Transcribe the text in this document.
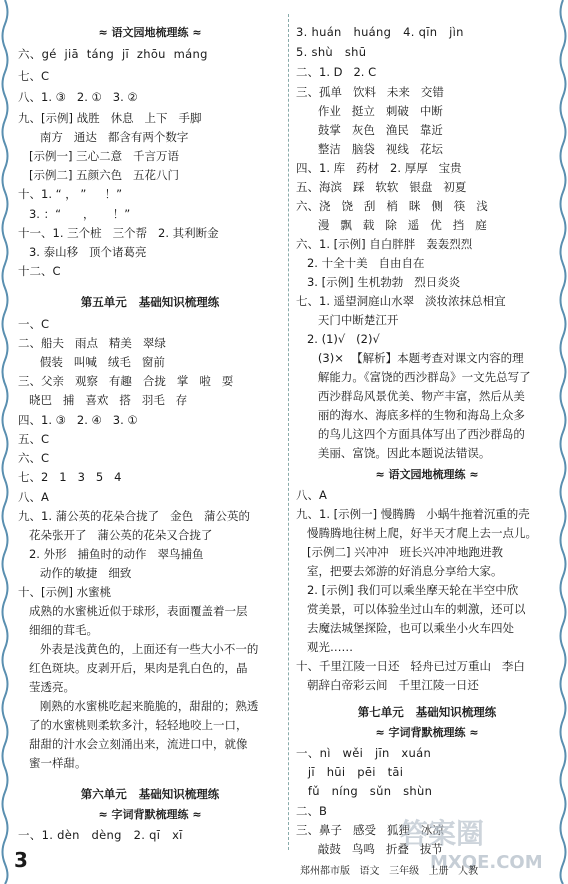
≈ 语文园地梳理练 ≈
六、gé  jiā  táng  jī  zhōu  máng
七、C
八、1. ③   2. ①   3. ②
九、[示例] 战胜   休息   上下   手脚
南方   通达   都含有两个数字
[示例一] 三心二意   千言万语
[示例二] 五颜六色   五花八门
十、1. “ ， ”     ！”
3. ：“      ，     ！”
十一、1. 三个桩   三个帮   2. 其利断金
3. 泰山移   顶个诸葛亮
十二、C
第五单元   基础知识梳理练
一、C
二、船夫   雨点   精美   翠绿
假装   叫喊   绒毛   窗前
三、父亲   观察   有趣   合拢   掌   啦   耍
晓巴   捕   喜欢   搭   羽毛   存
四、1. ③   2. ④   3. ①
五、C
六、C
七、2   1   3   5   4
八、A
九、1. 蒲公英的花朵合拢了   金色   蒲公英的
花朵张开了   蒲公英的花朵又合拢了
2. 外形   捕鱼时的动作   翠鸟捕鱼
动作的敏捷   细致
十、[示例] 水蜜桃
成熟的水蜜桃近似于球形，表面覆盖着一层
细细的茸毛。
外表是浅黄色的，上面还有一些大小不一的
红色斑块。皮剥开后，果肉是乳白色的，晶
莹透亮。
刚熟的水蜜桃吃起来脆脆的，甜甜的；熟透
了的水蜜桃则柔软多汁，轻轻地咬上一口，
甜甜的汁水会立刻涌出来，流进口中，就像
蜜一样甜。
第六单元   基础知识梳理练
≈ 字词背默梳理练 ≈
一、1. dèn   dèng   2. qī   xī
3. huán   huáng   4. qīn   jìn
5. shù   shū
二、1. D   2. C
三、孤单   饮料   未来   交错
作业   挺立   刺破   中断
鼓掌   灰色   渔民   靠近
整洁   脑袋   视线   花坛
四、1. 库   药材   2. 厚厚   宝贵
五、海滨   踩   软软   银盘   初夏
六、浇   饶   刮   梢   眯   侧   筷   浅
漫   飘   载   除   遥   优   挡   庭
六、1. [示例] 自白胖胖   轰轰烈烈
2. 十全十美   自由自在
3. [示例] 生机勃勃   烈日炎炎
七、1. 遥望洞庭山水翠   淡妆浓抹总相宜
天门中断楚江开
2. (1)√   (2)√
(3)×  【解析】本题考查对课文内容的理
解能力。《富饶的西沙群岛》一文先总写了
西沙群岛风景优美、物产丰富，然后从美
丽的海水、海底多样的生物和海岛上众多
的鸟儿这四个方面具体写出了西沙群岛的
美丽、富饶。因此本题说法错误。
≈ 语文园地梳理练 ≈
八、A
九、1. [示例一] 慢腾腾   小蜗牛拖着沉重的壳
慢腾腾地往树上爬，好半天才爬上去一点儿。
[示例二] 兴冲冲   班长兴冲冲地跑进教
室，把要去郊游的好消息分享给大家。
2. [示例] 我们可以乘坐摩天轮在半空中欣
赏美景，可以体验坐过山车的刺激，还可以
去魔法城堡探险，也可以乘坐小火车四处
观光……
十、千里江陵一日还   轻舟已过万重山   李白
朝辞白帝彩云间   千里江陵一日还
第七单元   基础知识梳理练
≈ 字词背默梳理练 ≈
一、nì   wěi   jīn   xuán
jī   hūi   pēi   tāi
fǔ   níng   sǔn   shùn
二、B
三、鼻子   感受   狐狸   冰凉
敲鼓   鸟鸣   折叠   拔节
答案圈
MXQE.COM
3	郑州都市版   语文   三年级   上册   人教
